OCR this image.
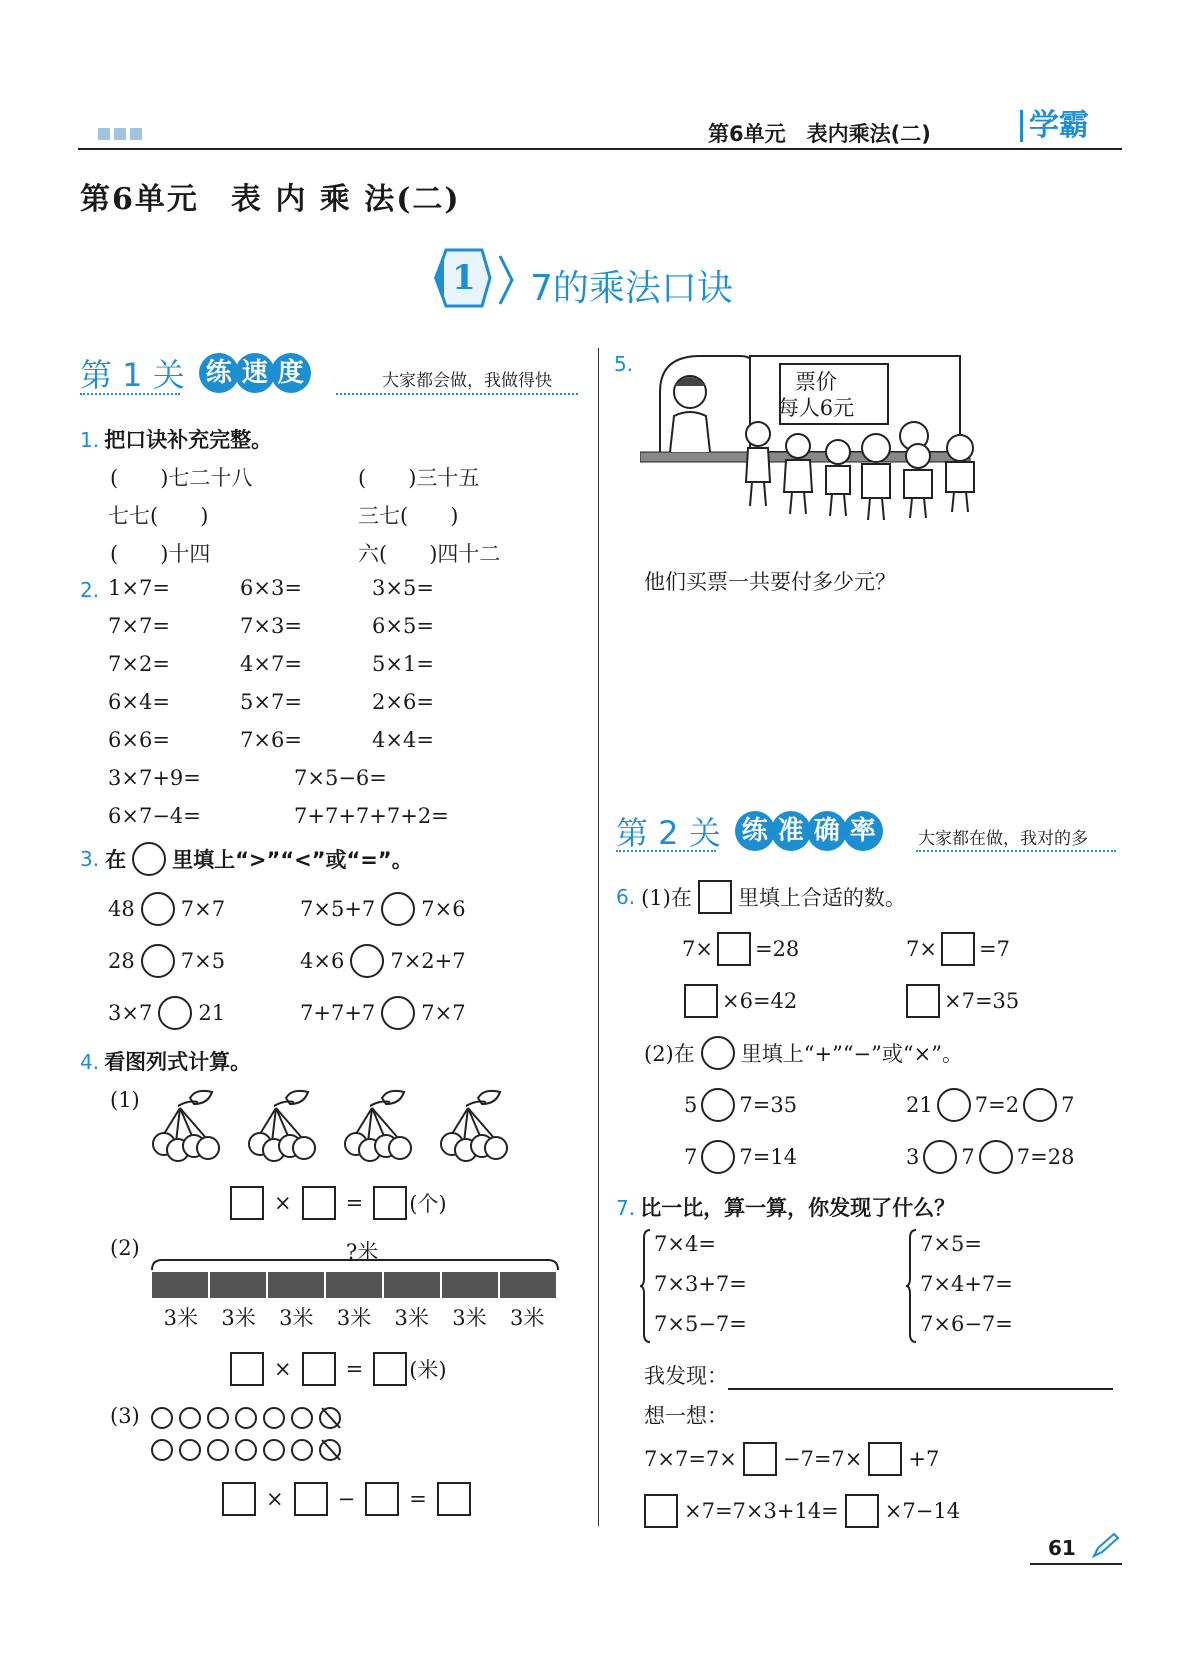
第6单元　表内乘法(二)	学霸
第6单元　表 内 乘 法(二)
1 7的乘法口诀
第 1 关 练 速 度	大家都会做，我做得快
1. 把口诀补充完整。
(　　)七二十八	(　　)三十五
七七(　　)	三七(　　)
(　　)十四	六(　　)四十二
2. 1×7=	6×3=	3×5=
7×7=	7×3=	6×5=
7×2=	4×7=	5×1=
6×4=	5×7=	2×6=
6×6=	7×6=	4×4=
3×7+9=	7×5−6=
6×7−4=	7+7+7+7+2=
3. 在 里填上“>”“<”或“=”。
48 7×7	7×5+7 7×6
28 7×5	4×6 7×2+7
3×7 21	7+7+7 7×7
4. 看图列式计算。
(1)
×	= (个)
(2)	?米
3米	3米	3米	3米	3米	3米	3米
×	= (米)
(3)
×	−	=
5.
票价
每人6元
他们买票一共要付多少元？
第 2 关 练 准 确 率 大家都在做，我对的多
6. (1)在 里填上合适的数。
7× =28	7× =7
×6=42	×7=35
(2)在 里填上“+”“−”或“×”。
5 7=35	21 7=2 7
7 7=14	3 7 7=28
7. 比一比，算一算，你发现了什么？
7×4=
7×3+7=
7×5−7=
7×5=
7×4+7=
7×6−7=
我发现：
想一想：
7×7=7× −7=7× +7
×7=7×3+14= ×7−14
61
